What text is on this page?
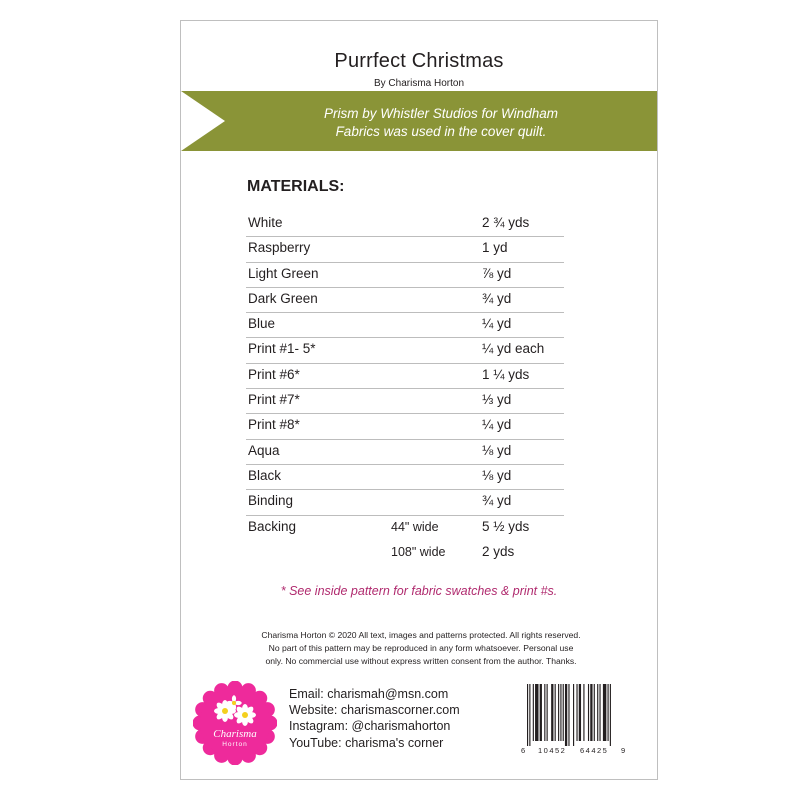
Purrfect Christmas
By Charisma Horton
Prism by Whistler Studios for Windham
Fabrics was used in the cover quilt.
MATERIALS:
White	2 ¾ yds
Raspberry	1 yd
Light Green	⅞ yd
Dark Green	¾ yd
Blue	¼ yd
Print #1- 5*	¼ yd each
Print #6*	1 ¼ yds
Print #7*	⅓ yd
Print #8*	¼ yd
Aqua	⅛ yd
Black	⅛ yd
Binding	¾ yd
Backing	44" wide	5 ½ yds
108" wide	2 yds
* See inside pattern for fabric swatches & print #s.
Charisma Horton © 2020 All text, images and patterns protected. All rights reserved.
No part of this pattern may be reproduced in any form whatsoever. Personal use
only. No commercial use without express written consent from the author. Thanks.
Charisma
Horton
Email: charismah@msn.com
Website: charismascorner.com
Instagram: @charismahorton
YouTube: charisma's corner
6 10452 64425 9
